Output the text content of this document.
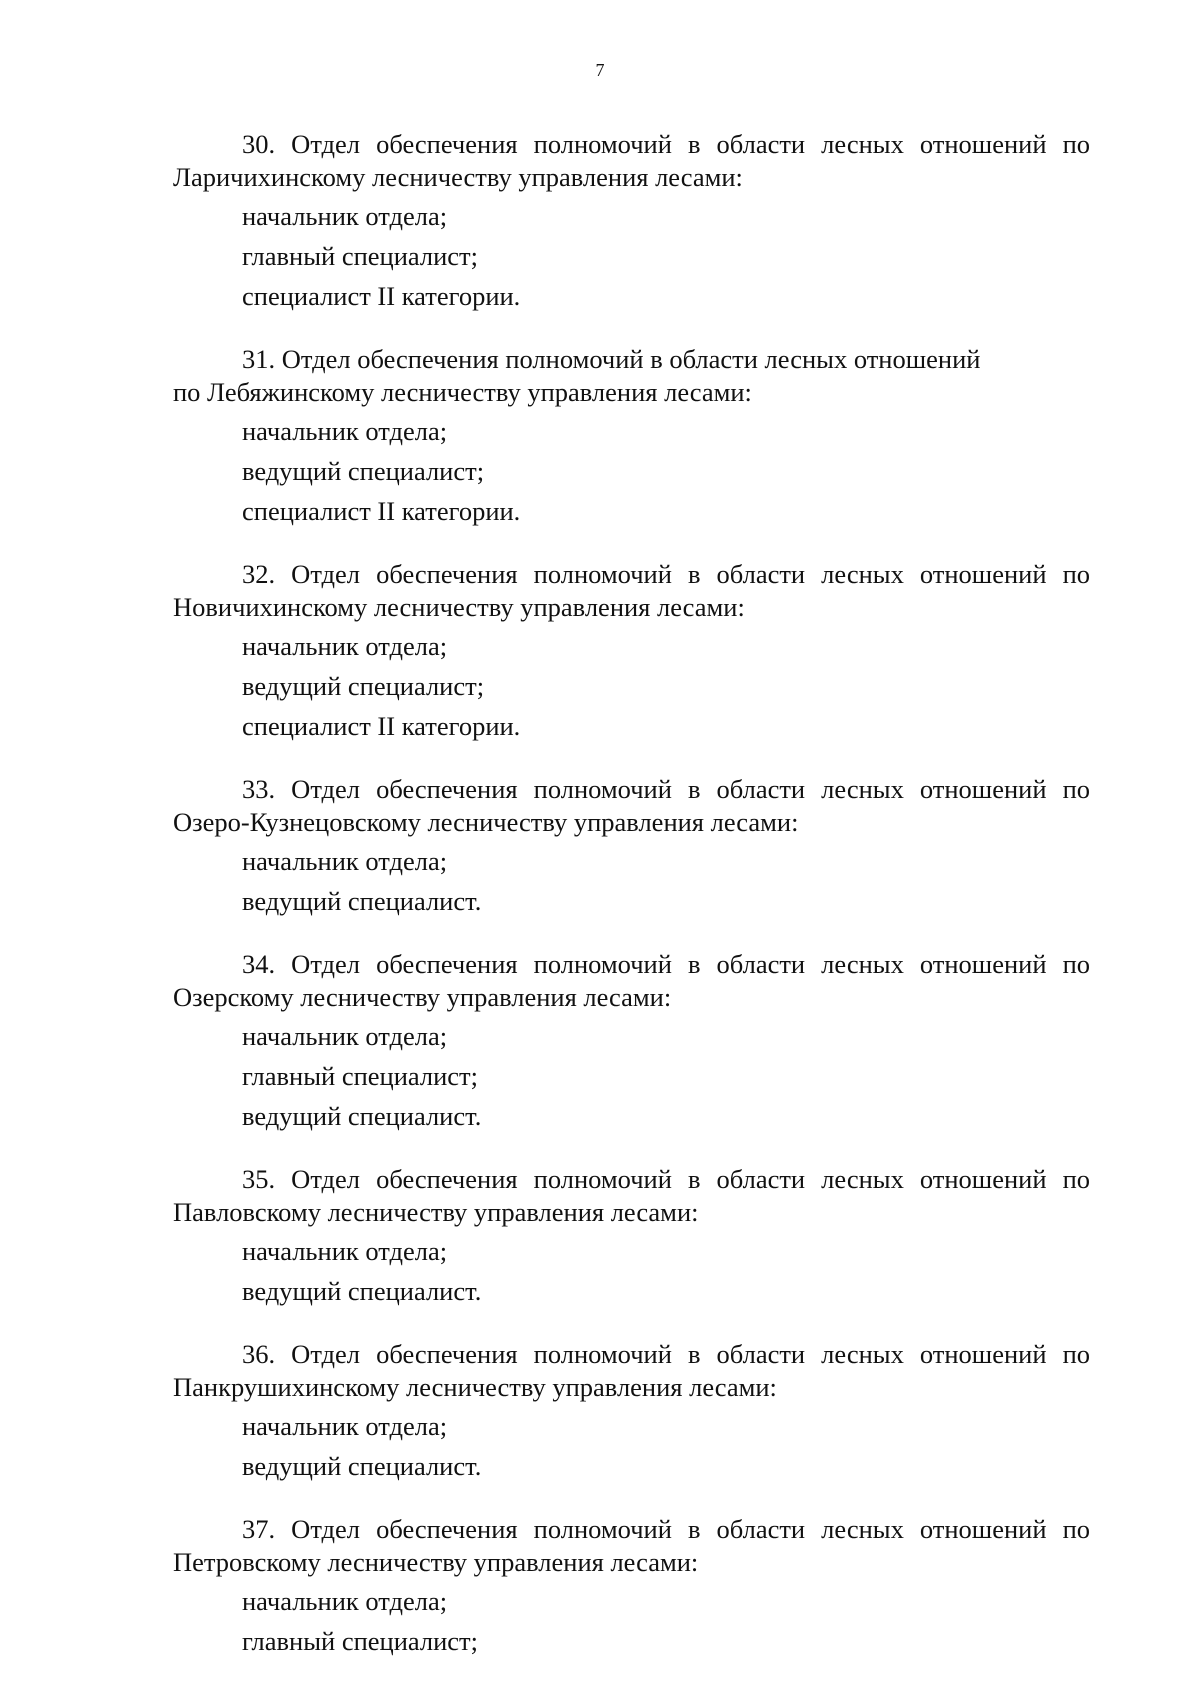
7

30. Отдел обеспечения полномочий в области лесных отношений по
Ларичихинскому лесничеству управления лесами:

начальник отдела;
главный специалист;
специалист II категории.

31. Отдел обеспечения полномочий в области лесных отношений
по Лебяжинскому лесничеству управления лесами:

начальник отдела;
ведущий специалист;
специалист II категории.

32. Отдел обеспечения полномочий в области лесных отношений по
Новичихинскому лесничеству управления лесами:

начальник отдела;
ведущий специалист;
специалист II категории.

33. Отдел обеспечения полномочий в области лесных отношений по
Озеро-Кузнецовскому лесничеству управления лесами:

начальник отдела;
ведущий специалист.

34. Отдел обеспечения полномочий в области лесных отношений по
Озерскому лесничеству управления лесами:

начальник отдела;
главный специалист;
ведущий специалист.

35. Отдел обеспечения полномочий в области лесных отношений по
Павловскому лесничеству управления лесами:

начальник отдела;
ведущий специалист.

36. Отдел обеспечения полномочий в области лесных отношений по
Панкрушихинскому лесничеству управления лесами:

начальник отдела;
ведущий специалист.

37. Отдел обеспечения полномочий в области лесных отношений по
Петровскому лесничеству управления лесами:

начальник отдела;
главный специалист;
